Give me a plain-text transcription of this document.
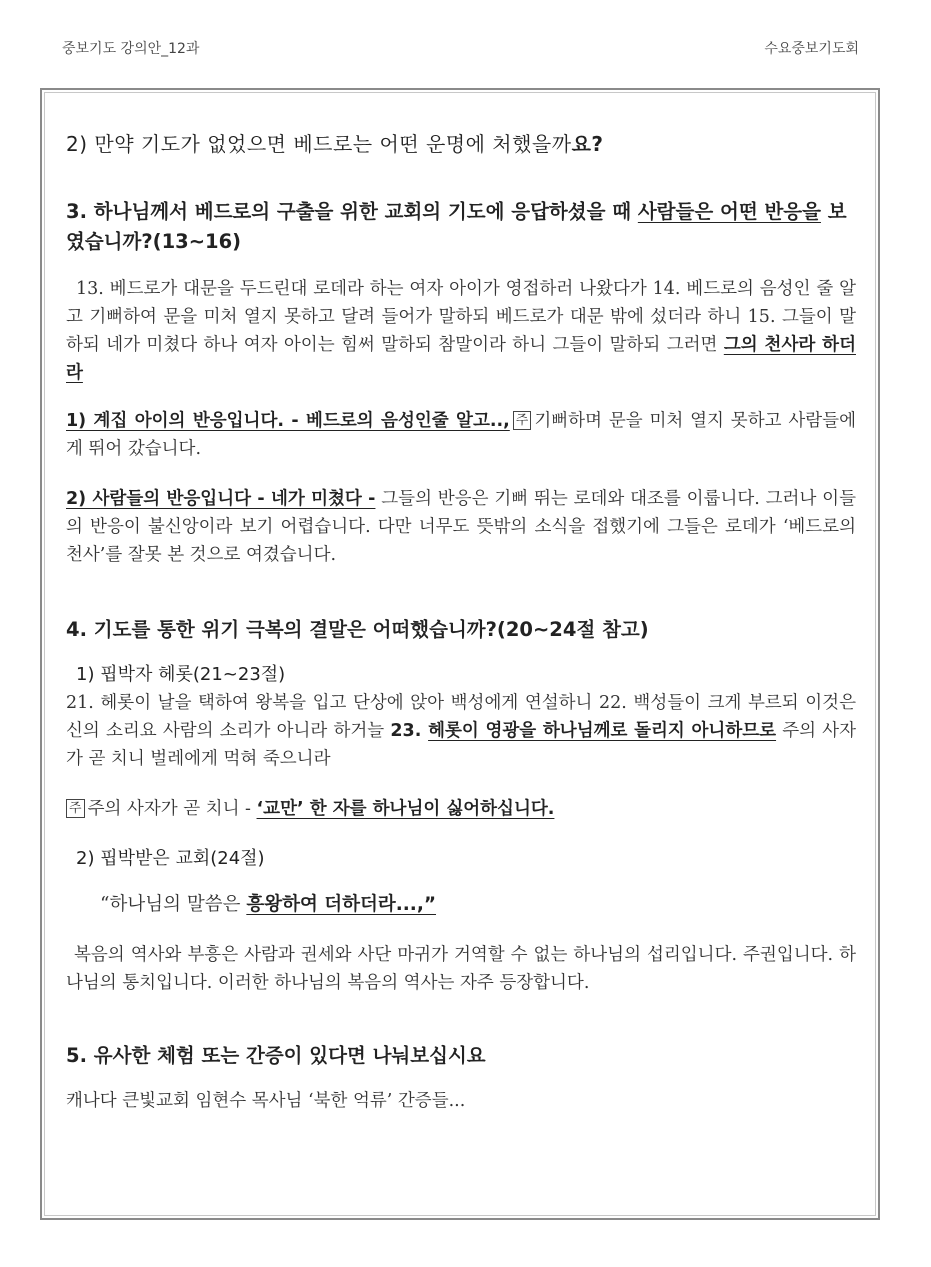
중보기도 강의안_12과	수요중보기도회

2) 만약 기도가 없었으면 베드로는 어떤 운명에 처했을까요?

3. 하나님께서 베드로의 구출을 위한 교회의 기도에 응답하셨을 때 사람들은 어떤 반응을 보였습니까?(13~16)

13. 베드로가 대문을 두드린대 로데라 하는 여자 아이가 영접하러 나왔다가 14. 베드로의 음성인 줄 알고 기뻐하여 문을 미처 열지 못하고 달려 들어가 말하되 베드로가 대문 밖에 섰더라 하니 15. 그들이 말하되 네가 미쳤다 하나 여자 아이는 힘써 말하되 참말이라 하니 그들이 말하되 그러면 그의 천사라 하더라

1) 계집 아이의 반응입니다. - 베드로의 음성인줄 알고.., 주 기뻐하며 문을 미처 열지 못하고 사람들에게 뛰어 갔습니다.

2) 사람들의 반응입니다 - 네가 미쳤다 - 그들의 반응은 기뻐 뛰는 로데와 대조를 이룹니다. 그러나 이들의 반응이 불신앙이라 보기 어렵습니다. 다만 너무도 뜻밖의 소식을 접했기에 그들은 로데가 ‘베드로의 천사’를 잘못 본 것으로 여겼습니다.

4. 기도를 통한 위기 극복의 결말은 어떠했습니까?(20~24절 참고)

1) 핍박자 헤롯(21~23절)

21. 헤롯이 날을 택하여 왕복을 입고 단상에 앉아 백성에게 연설하니 22. 백성들이 크게 부르되 이것은 신의 소리요 사람의 소리가 아니라 하거늘 23. 헤롯이 영광을 하나님께로 돌리지 아니하므로 주의 사자가 곧 치니 벌레에게 먹혀 죽으니라

주 주의 사자가 곧 치니 - ‘교만’ 한 자를 하나님이 싫어하십니다.

2) 핍박받은 교회(24절)

“하나님의 말씀은 흥왕하여 더하더라...,”

복음의 역사와 부흥은 사람과 권세와 사단 마귀가 거역할 수 없는 하나님의 섭리입니다. 주권입니다. 하나님의 통치입니다. 이러한 하나님의 복음의 역사는 자주 등장합니다.

5. 유사한 체험 또는 간증이 있다면 나눠보십시요

캐나다 큰빛교회 임현수 목사님 ‘북한 억류’ 간증들...
